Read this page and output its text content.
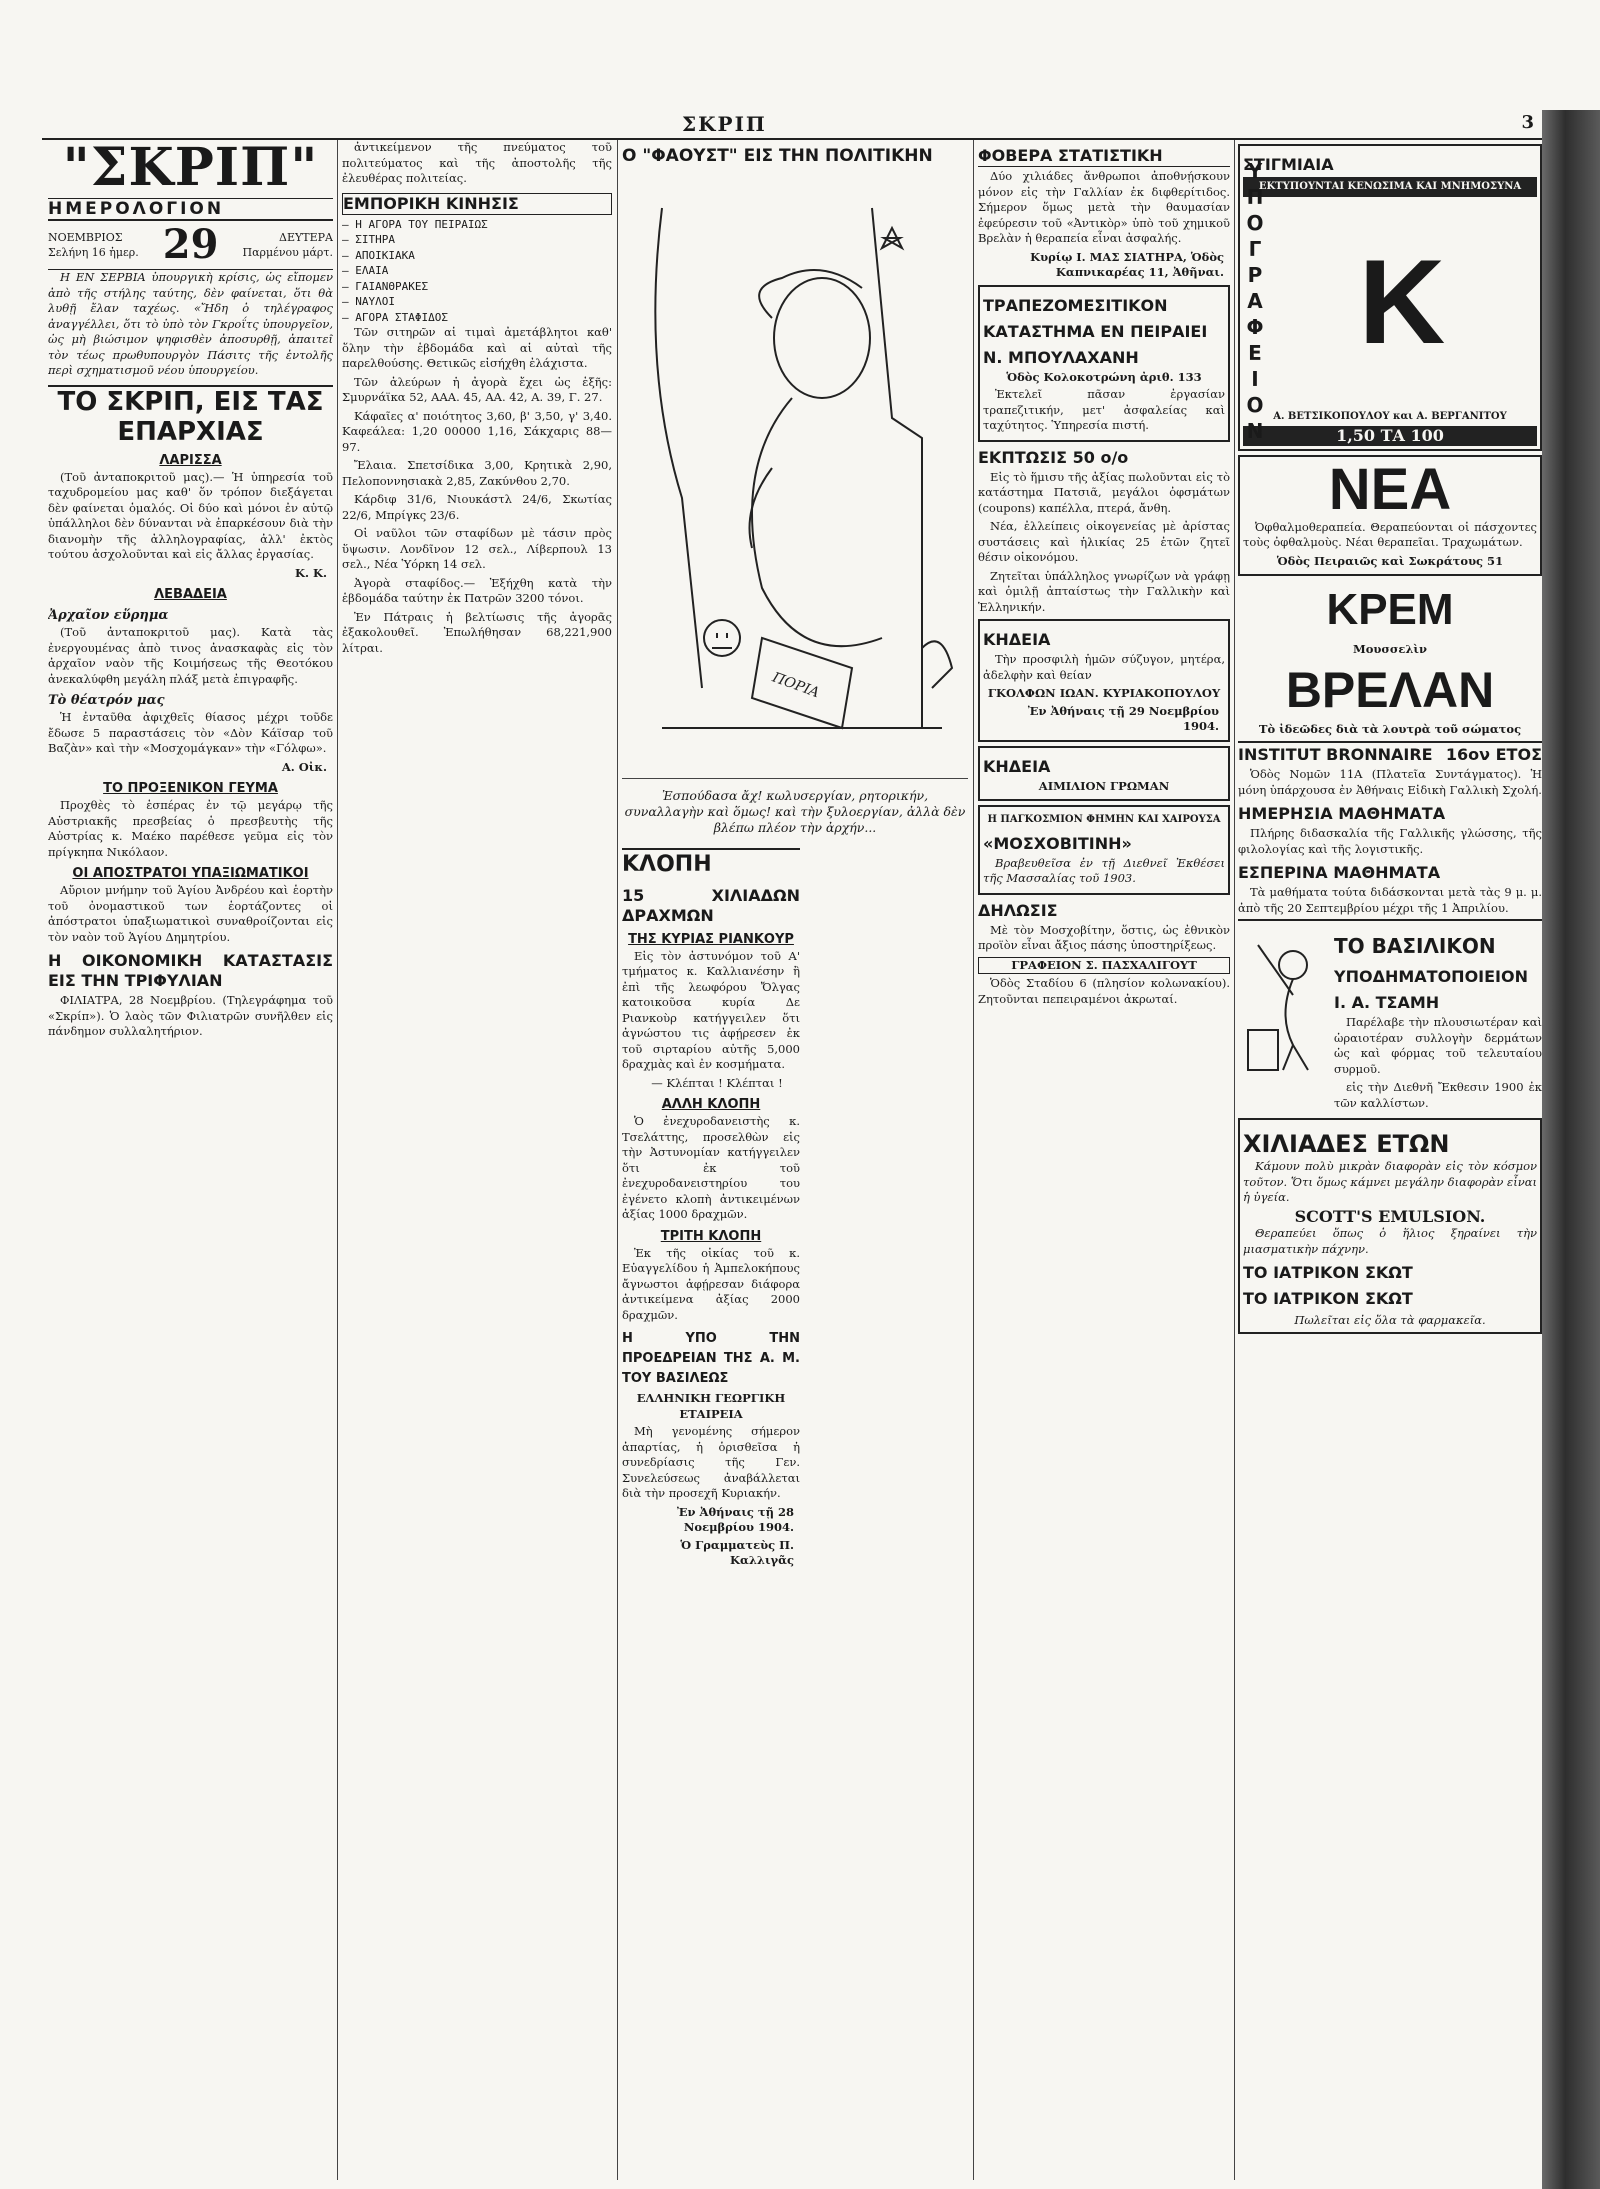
ΣΚΡΙΠ	3
"ΣΚΡΙΠ"
ΗΜΕΡΟΛΟΓΙΟΝ
ΝΟΕΜΒΡΙΟΣ
Σελήνη 16 ἡμερ. 29	ΔΕΥΤΕΡΑ
Παρμένου μάρτ.

Η ΕΝ ΣΕΡΒΙΑ ὑπουργικὴ κρίσις, ὡς εἴπομεν ἀπὸ τῆς στήλης ταύτης, δὲν φαίνεται, ὅτι θὰ λυθῇ ἔλαν ταχέως. «Ἤδη ὁ τηλέγραφος ἀναγγέλλει, ὅτι τὸ ὑπὸ τὸν Γκροΐτς ὑπουργεῖον, ὡς μὴ βιώσιμον ψηφισθὲν ἀποσυρθῇ, ἀπαιτεῖ τὸν τέως πρωθυπουργὸν Πάσιτς τῆς ἐντολῆς περὶ σχηματισμοῦ νέου ὑπουργείου.

ΤΟ ΣΚΡΙΠ, ΕΙΣ ΤΑΣ ΕΠΑΡΧΙΑΣ
ΛΑΡΙΣΣΑ

(Τοῦ ἀνταποκριτοῦ μας).— Ἡ ὑπηρεσία τοῦ ταχυδρομείου μας καθ' ὅν τρόπον διεξάγεται δὲν φαίνεται ὁμαλός. Οἱ δύο καὶ μόνοι ἐν αὐτῷ ὑπάλληλοι δὲν δύνανται νὰ ἐπαρκέσουν διὰ τὴν διανομὴν τῆς ἀλληλογραφίας, ἀλλ' ἐκτὸς τούτου ἀσχολοῦνται καὶ εἰς ἄλλας ἐργασίας.

Κ. Κ.
ΛΕΒΑΔΕΙΑ
Ἀρχαῖον εὕρημα

(Τοῦ ἀνταποκριτοῦ μας). Κατὰ τὰς ἐνεργουμένας ἀπὸ τινος ἀνασκαφὰς εἰς τὸν ἀρχαῖον ναὸν τῆς Κοιμήσεως τῆς Θεοτόκου ἀνεκαλύφθη μεγάλη πλάξ μετὰ ἐπιγραφῆς.

Τὸ θέατρόν μας

Ἡ ἐνταῦθα ἀφιχθεῖς θίασος μέχρι τοῦδε ἔδωσε 5 παραστάσεις τὸν «Δὸν Κάϊσαρ τοῦ Βαζὰν» καὶ τὴν «Μοσχομάγκαν» τὴν «Γόλφω».

Α. Οἰκ.
ΤΟ ΠΡΟΞΕΝΙΚΟΝ ΓΕΥΜΑ

Προχθὲς τὸ ἑσπέρας ἐν τῷ μεγάρῳ τῆς Αὐστριακῆς πρεσβείας ὁ πρεσβευτὴς τῆς Αὐστρίας κ. Μαέκο παρέθεσε γεῦμα εἰς τὸν πρίγκηπα Νικόλαον.

ΟΙ ΑΠΟΣΤΡΑΤΟΙ ΥΠΑΞΙΩΜΑΤΙΚΟΙ

Αὔριον μνήμην τοῦ Ἁγίου Ἀνδρέου καὶ ἑορτὴν τοῦ ὀνομαστικοῦ των ἑορτάζοντες οἱ ἀπόστρατοι ὑπαξιωματικοὶ συναθροίζονται εἰς τὸν ναὸν τοῦ Ἁγίου Δημητρίου.

Η ΟΙΚΟΝΟΜΙΚΗ ΚΑΤΑΣΤΑΣΙΣ ΕΙΣ ΤΗΝ ΤΡΙΦΥΛΙΑΝ

ΦΙΛΙΑΤΡΑ, 28 Νοεμβρίου. (Τηλεγράφημα τοῦ «Σκρίπ»). Ὁ λαὸς τῶν Φιλιατρῶν συνῆλθεν εἰς πάνδημον συλλαλητήριον.

ἀντικείμενον τῆς πνεύματος τοῦ πολιτεύματος καὶ τῆς ἀποστολῆς τῆς ἐλευθέρας πολιτείας.

ΕΜΠΟΡΙΚΗ ΚΙΝΗΣΙΣ
— Η ΑΓΟΡΑ ΤΟΥ ΠΕΙΡΑΙΩΣ
— ΣΙΤΗΡΑ
— ΑΠΟΙΚΙΑΚΑ
— ΕΛΑΙΑ
— ΓΑΙΑΝΘΡΑΚΕΣ
— ΝΑΥΛΟΙ
— ΑΓΟΡΑ ΣΤΑΦΙΔΟΣ

Τῶν σιτηρῶν αἱ τιμαὶ ἀμετάβλητοι καθ' ὅλην τὴν ἑβδομάδα καὶ αἱ αὐταὶ τῆς παρελθούσης. Θετικῶς εἰσήχθη ἐλάχιστα.

Τῶν ἀλεύρων ἡ ἀγορὰ ἔχει ὡς ἑξῆς: Σμυρνάϊκα 52, ΑΑΑ. 45, ΑΑ. 42, Α. 39, Γ. 27.

Κάφαῖες α' ποιότητος 3,60, β' 3,50, γ' 3,40. Καφεάλεα: 1,20 00000 1,16, Σάκχαρις 88—97.

Ἔλαια. Σπετσίδικα 3,00, Κρητικὰ 2,90, Πελοποννησιακὰ 2,85, Ζακύνθου 2,70.

Κάρδιφ 31/6, Νιουκάστλ 24/6, Σκωτίας 22/6, Μπρίγκς 23/6.

Οἱ ναῦλοι τῶν σταφίδων μὲ τάσιν πρὸς ὕψωσιν. Λονδῖνον 12 σελ., Λίβερπουλ 13 σελ., Νέα Ὑόρκη 14 σελ.

Ἀγορὰ σταφίδος.— Ἐξήχθη κατὰ τὴν ἑβδομάδα ταύτην ἐκ Πατρῶν 3200 τόνοι.

Ἐν Πάτραις ἡ βελτίωσις τῆς ἀγορᾶς ἐξακολουθεῖ. Ἐπωλήθησαν 68,221,900 λίτραι.

Ο "ΦΑΟΥΣΤ" ΕΙΣ ΤΗΝ ΠΟΛΙΤΙΚΗΝ
ΠΟΡΙΑ
Ἐσπούδασα ἄχ! κωλυσεργίαν, ρητορικήν, συναλλαγὴν καὶ ὅμως! καὶ τὴν ξυλοεργίαν, ἀλλὰ δὲν βλέπω πλέον τὴν ἀρχήν...
ΚΛΟΠΗ
15 ΧΙΛΙΑΔΩΝ ΔΡΑΧΜΩΝ
ΤΗΣ ΚΥΡΙΑΣ ΡΙΑΝΚΟΥΡ

Εἰς τὸν ἀστυνόμον τοῦ Α' τμήματος κ. Καλλιανέσην ἢ ἐπὶ τῆς λεωφόρου Ὄλγας κατοικοῦσα κυρία Δε Ριανκοὺρ κατήγγειλεν ὅτι ἀγνώστου τις ἀφῄρεσεν ἐκ τοῦ σιρταρίου αὐτῆς 5,000 δραχμὰς καὶ ἐν κοσμήματα.

— Κλέπται ! Κλέπται !

ΑΛΛΗ ΚΛΟΠΗ

Ὁ ἐνεχυροδανειστὴς κ. Τσελάττης, προσελθὼν εἰς τὴν Ἀστυνομίαν κατήγγειλεν ὅτι ἐκ τοῦ ἐνεχυροδανειστηρίου του ἐγένετο κλοπὴ ἀντικειμένων ἀξίας 1000 δραχμῶν.

ΤΡΙΤΗ ΚΛΟΠΗ

Ἐκ τῆς οἰκίας τοῦ κ. Εὐαγγελίδου ἡ Ἀμπελοκήπους ἄγνωστοι ἀφῄρεσαν διάφορα ἀντικείμενα ἀξίας 2000 δραχμῶν.

Η ΥΠΟ ΤΗΝ ΠΡΟΕΔΡΕΙΑΝ ΤΗΣ Α. Μ. ΤΟΥ ΒΑΣΙΛΕΩΣ
ΕΛΛΗΝΙΚΗ ΓΕΩΡΓΙΚΗ ΕΤΑΙΡΕΙΑ

Μὴ γενομένης σήμερον ἀπαρτίας, ἡ ὁρισθεῖσα ἡ συνεδρίασις τῆς Γεν. Συνελεύσεως ἀναβάλλεται διὰ τὴν προσεχῆ Κυριακήν.

Ἐν Ἀθήναις τῇ 28 Νοεμβρίου 1904.
Ὁ Γραμματεὺς Π. Καλλιγᾶς
ΦΟΒΕΡΑ ΣΤΑΤΙΣΤΙΚΗ

Δύο χιλιάδες ἄνθρωποι ἀποθνῄσκουν μόνον εἰς τὴν Γαλλίαν ἐκ διφθερίτιδος. Σήμερον ὅμως μετὰ τὴν θαυμασίαν ἐφεύρεσιν τοῦ «Ἀντικὸρ» ὑπὸ τοῦ χημικοῦ Βρελὰν ἡ θεραπεία εἶναι ἀσφαλής.

Κυρίῳ Ι. ΜΑΣ ΣΙΑΤΗΡΑ, Ὁδὸς Καπνικαρέας 11, Ἀθῆναι.
ΤΡΑΠΕΖΟΜΕΣΙΤΙΚΟΝ
ΚΑΤΑΣΤΗΜΑ ΕΝ ΠΕΙΡΑΙΕΙ
Ν. ΜΠΟΥΛΑΧΑΝΗ
Ὁδὸς Κολοκοτρώνη ἀριθ. 133

Ἐκτελεῖ πᾶσαν ἐργασίαν τραπεζιτικήν, μετ' ἀσφαλείας καὶ ταχύτητος. Ὑπηρεσία πιστή.

ΕΚΠΤΩΣΙΣ 50 ο/ο

Εἰς τὸ ἥμισυ τῆς ἀξίας πωλοῦνται εἰς τὸ κατάστημα Πατσιᾶ, μεγάλοι ὀφσμάτων (coupons) καπέλλα, πτερά, ἄνθη.

Νέα, ἐλλείπεις οἰκογενείας μὲ ἀρίστας συστάσεις καὶ ἡλικίας 25 ἐτῶν ζητεῖ θέσιν οἰκονόμου.

Ζητεῖται ὑπάλληλος γνωρίζων νὰ γράφῃ καὶ ὁμιλῇ ἀπταίστως τὴν Γαλλικὴν καὶ Ἑλληνικήν.

ΚΗΔΕΙΑ

Τὴν προσφιλὴ ἡμῶν σύζυγον, μητέρα, ἀδελφὴν καὶ θείαν

ΓΚΟΛΦΩΝ ΙΩΑΝ. ΚΥΡΙΑΚΟΠΟΥΛΟΥ
Ἐν Ἀθήναις τῇ 29 Νοεμβρίου 1904.
ΚΗΔΕΙΑ
ΑΙΜΙΛΙΟΝ ΓΡΩΜΑΝ
Η ΠΑΓΚΟΣΜΙΟΝ ΦΗΜΗΝ ΚΑΙ ΧΑΙΡΟΥΣΑ
«ΜΟΣΧΟΒΙΤΙΝΗ»

Βραβευθεῖσα ἐν τῇ Διεθνεῖ Ἐκθέσει τῆς Μασσαλίας τοῦ 1903.

ΔΗΛΩΣΙΣ

Μὲ τὸν Μοσχοβίτην, ὅστις, ὡς ἐθνικὸν προϊὸν εἶναι ἄξιος πάσης ὑποστηρίξεως.

ΓΡΑΦΕΙΟΝ Σ. ΠΑΣΧΑΛΙΓΟΥΤ

Ὁδὸς Σταδίου 6 (πλησίον κολωνακίου). Ζητοῦνται πεπειραμένοι ἀκρωταί.

ΣΤΙΓΜΙΑΙΑ
ΕΚΤΥΠΟΥΝΤΑΙ ΚΕΝΩΣΙΜΑ ΚΑΙ ΜΝΗΜΟΣΥΝΑ
ΥΠΟΓΡΑΦΕΙΟΝ K
Α. ΒΕΤΣΙΚΟΠΟΥΛΟΥ και Α. ΒΕΡΓΑΝΙΤΟΥ
1,50 ΤΑ 100
ΝΕΑ

Ὀφθαλμοθεραπεία. Θεραπεύονται οἱ πάσχοντες τοὺς ὀφθαλμοὺς. Νέαι θεραπεῖαι. Τραχωμάτων.

Ὁδὸς Πειραιῶς καὶ Σωκράτους 51
ΚΡΕΜ
Μουσσελὶν
ΒΡΕΛΑΝ
Τὸ ἰδεῶδες διὰ τὰ λουτρὰ τοῦ σώματος
INSTITUT BRONNAIRE 16ον ΕΤΟΣ

Ὁδὸς Νομῶν 11Α (Πλατεῖα Συντάγματος). Ἡ μόνη ὑπάρχουσα ἐν Ἀθήναις Εἰδικὴ Γαλλικὴ Σχολή.

ΗΜΕΡΗΣΙΑ ΜΑΘΗΜΑΤΑ

Πλήρης διδασκαλία τῆς Γαλλικῆς γλώσσης, τῆς φιλολογίας καὶ τῆς λογιστικῆς.

ΕΣΠΕΡΙΝΑ ΜΑΘΗΜΑΤΑ

Τὰ μαθήματα τούτα διδάσκονται μετὰ τὰς 9 μ. μ. ἀπὸ τῆς 20 Σεπτεμβρίου μέχρι τῆς 1 Ἀπριλίου.

ΤΟ ΒΑΣΙΛΙΚΟΝ
ΥΠΟΔΗΜΑΤΟΠΟΙΕΙΟΝ
Ι. Α. ΤΣΑΜΗ

Παρέλαβε τὴν πλουσιωτέραν καὶ ὡραιοτέραν συλλογὴν δερμάτων ὡς καὶ φόρμας τοῦ τελευταίου συρμοῦ.

εἰς τὴν Διεθνῆ Ἔκθεσιν 1900 ἐκ τῶν καλλίστων.

ΧΙΛΙΑΔΕΣ ΕΤΩΝ

Κάμουν πολὺ μικρὰν διαφορὰν εἰς τὸν κόσμον τοῦτον. Ὅτι ὅμως κάμνει μεγάλην διαφορὰν εἶναι ἡ ὑγεία.

SCOTT'S EMULSION.

Θεραπεύει ὅπως ὁ ἥλιος ξηραίνει τὴν μιασματικὴν πάχνην.

ΤΟ ΙΑΤΡΙΚΟΝ ΣΚΩΤ
ΤΟ ΙΑΤΡΙΚΟΝ ΣΚΩΤ
Πωλεῖται εἰς ὅλα τὰ φαρμακεῖα.
